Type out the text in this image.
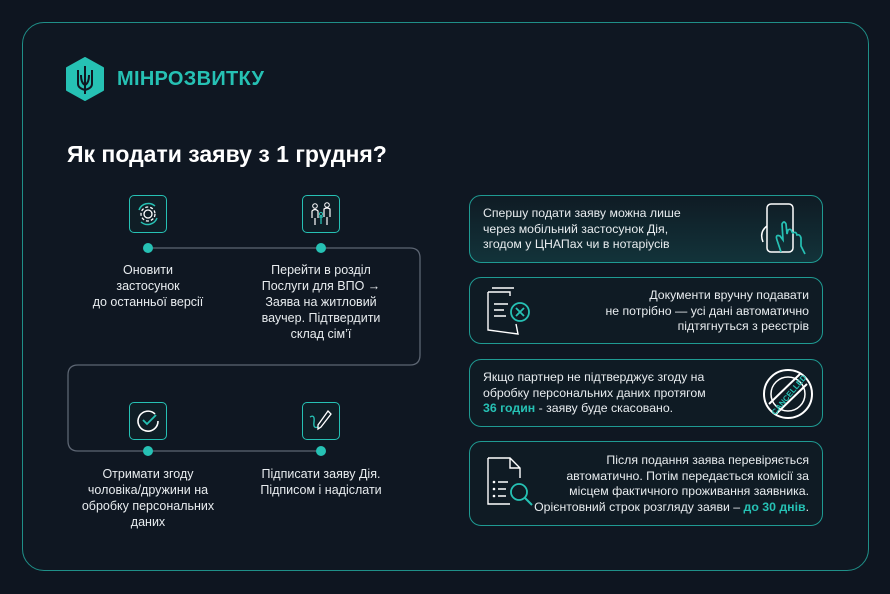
МІНРОЗВИТКУ
Як подати заяву з 1 грудня?
Оновити
застосунок
до останньої версії
Перейти в розділ
Послуги для ВПО →
Заява на житловий
ваучер. Підтвердити
склад сім’ї
Отримати згоду
чоловіка/дружини на
обробку персональних
даних
Підписати заяву Дія.
Підписом і надіслати
Спершу подати заяву можна лише
через мобільний застосунок Дія,
згодом у ЦНАПах чи в нотаріусів
Документи вручну подавати
не потрібно — усі дані автоматично
підтягнуться з реєстрів
Якщо партнер не підтверджує згоду на
обробку персональних даних протягом
36 годин - заяву буде скасовано.	CANCELLED
Після подання заява перевіряється
автоматично. Потім передається комісії за
місцем фактичного проживання заявника.
Орієнтовний строк розгляду заяви – до 30 днів.
